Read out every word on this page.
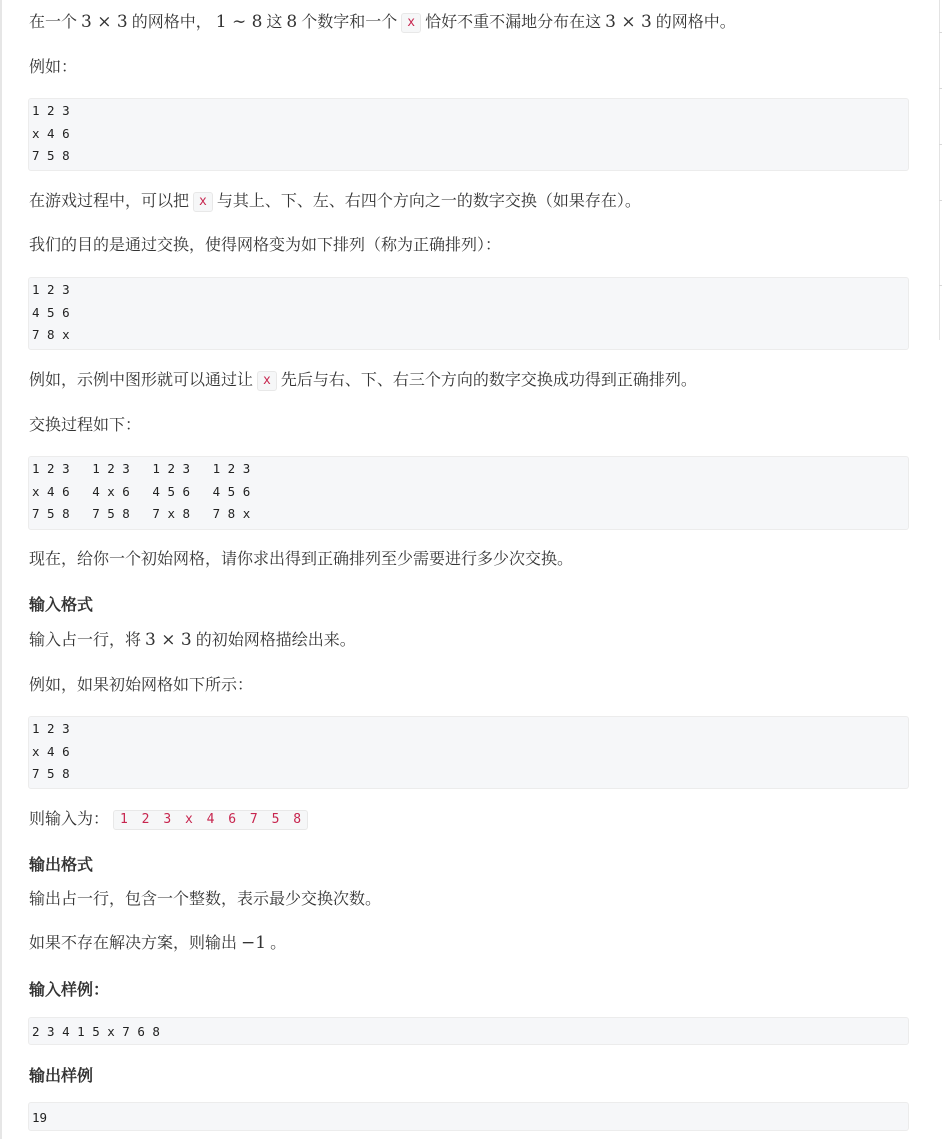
在一个 3 × 3 的网格中， 1 ∼ 8 这 8 个数字和一个 x 恰好不重不漏地分布在这 3 × 3 的网格中。
例如：
1 2 3
x 4 6
7 5 8
在游戏过程中，可以把 x 与其上、下、左、右四个方向之一的数字交换（如果存在）。
我们的目的是通过交换，使得网格变为如下排列（称为正确排列）：
1 2 3
4 5 6
7 8 x
例如，示例中图形就可以通过让 x 先后与右、下、右三个方向的数字交换成功得到正确排列。
交换过程如下：
1 2 3   1 2 3   1 2 3   1 2 3
x 4 6   4 x 6   4 5 6   4 5 6
7 5 8   7 5 8   7 x 8   7 8 x
现在，给你一个初始网格，请你求出得到正确排列至少需要进行多少次交换。
输入格式
输入占一行，将 3 × 3 的初始网格描绘出来。
例如，如果初始网格如下所示：
1 2 3
x 4 6
7 5 8
则输入为： 1 2 3 x 4 6 7 5 8
输出格式
输出占一行，包含一个整数，表示最少交换次数。
如果不存在解决方案，则输出 −1 。
输入样例：
2 3 4 1 5 x 7 6 8
输出样例
19
